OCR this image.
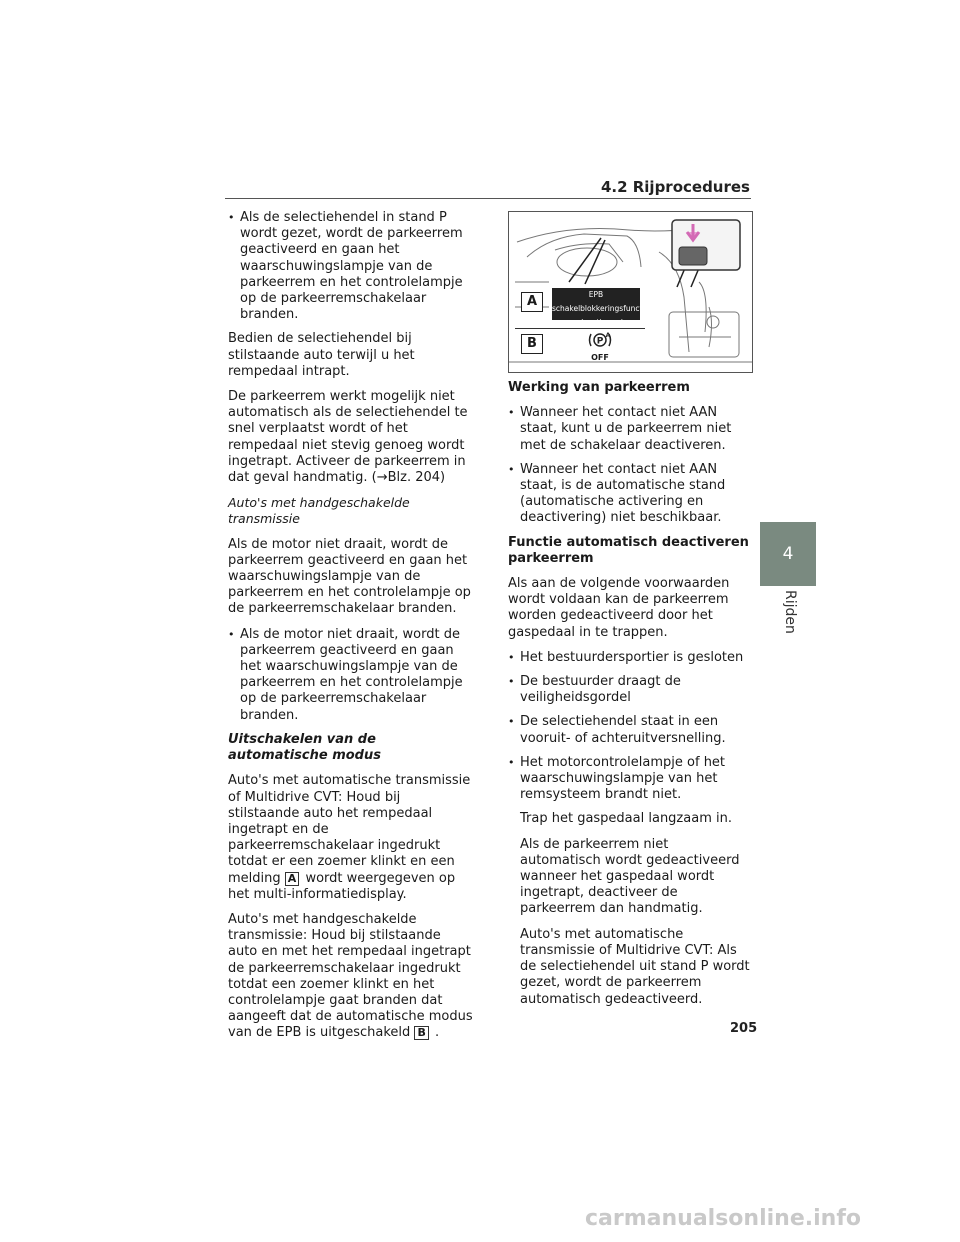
4.2 Rijprocedures
• Als de selectiehendel in stand P wordt gezet, wordt de parkeerrem geactiveerd en gaan het waarschuwingslampje van de parkeerrem en het controlelampje op de parkeerremschakelaar branden.

Bedien de selectiehendel bij stilstaande auto terwijl u het rempedaal intrapt.

De parkeerrem werkt mogelijk niet automatisch als de selectiehendel te snel verplaatst wordt of het rempedaal niet stevig genoeg wordt ingetrapt. Activeer de parkeerrem in dat geval handmatig. (→Blz. 204)

Auto's met handgeschakelde transmissie

Als de motor niet draait, wordt de parkeerrem geactiveerd en gaan het waarschuwingslampje van de parkeerrem en het controlelampje op de parkeerremschakelaar branden.

• Als de motor niet draait, wordt de parkeerrem geactiveerd en gaan het waarschuwingslampje van de parkeerrem en het controlelampje op de parkeerremschakelaar branden.

Uitschakelen van de automatische modus

Auto's met automatische transmissie of Multidrive CVT: Houd bij stilstaande auto het rempedaal ingetrapt en de parkeerremschakelaar ingedrukt totdat er een zoemer klinkt en een melding A wordt weergegeven op het multi-informatiedisplay.

Auto's met handgeschakelde transmissie: Houd bij stilstaande auto en met het rempedaal ingetrapt de parkeerremschakelaar ingedrukt totdat een zoemer klinkt en het controlelampje gaat branden dat aangeeft dat de automatische modus van de EPB is uitgeschakeld B .

A	EPB schakelblokkeringsfunctie
gedeactiveerd
B	P
A
OFF

Werking van parkeerrem

• Wanneer het contact niet AAN staat, kunt u de parkeerrem niet met de schakelaar deactiveren.
• Wanneer het contact niet AAN staat, is de automatische stand (automatische activering en deactivering) niet beschikbaar.

Functie automatisch deactiveren parkeerrem

Als aan de volgende voorwaarden wordt voldaan kan de parkeerrem worden gedeactiveerd door het gaspedaal in te trappen.

• Het bestuurdersportier is gesloten
• De bestuurder draagt de veiligheidsgordel
• De selectiehendel staat in een vooruit- of achteruitversnelling.
• Het motorcontrolelampje of het waarschuwingslampje van het remsysteem brandt niet.

Trap het gaspedaal langzaam in.

Als de parkeerrem niet automatisch wordt gedeactiveerd wanneer het gaspedaal wordt ingetrapt, deactiveer de parkeerrem dan handmatig.

Auto's met automatische transmissie of Multidrive CVT: Als de selectiehendel uit stand P wordt gezet, wordt de parkeerrem automatisch gedeactiveerd.

4
Rijden
205
carmanualsonline.info
